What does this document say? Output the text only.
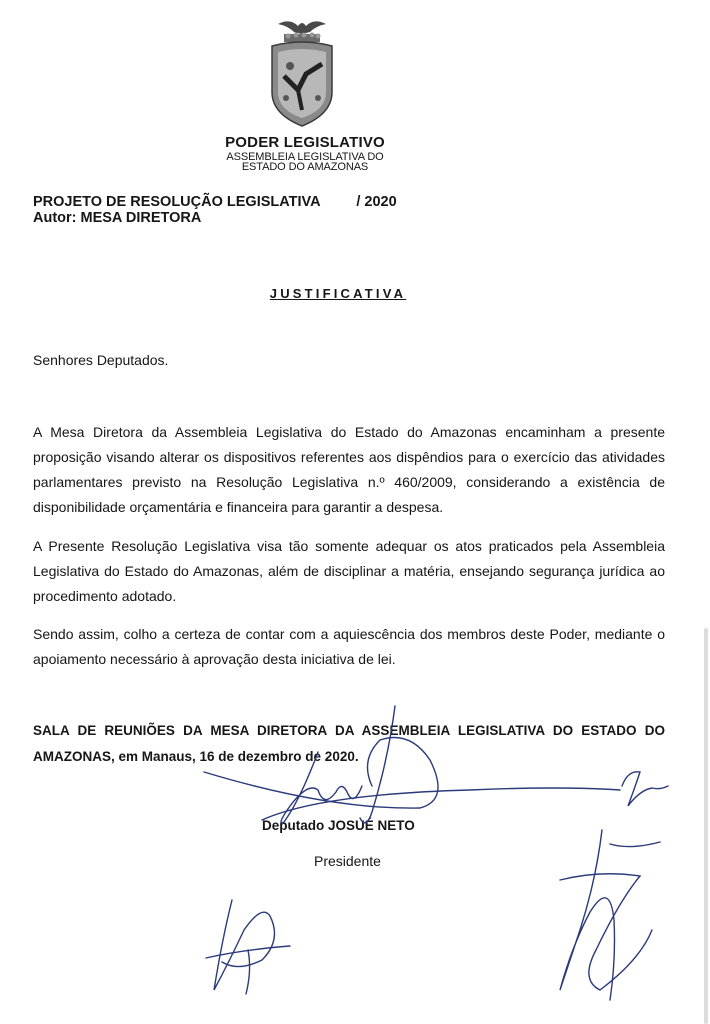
PODER LEGISLATIVO
ASSEMBLEIA LEGISLATIVA DO
ESTADO DO AMAZONAS
PROJETO DE RESOLUÇÃO LEGISLATIVA         / 2020
Autor: MESA DIRETORA
JUSTIFICATIVA
Senhores Deputados.

A Mesa Diretora da Assembleia Legislativa do Estado do Amazonas encaminham a presente proposição visando alterar os dispositivos referentes aos dispêndios para o exercício das atividades parlamentares previsto na Resolução Legislativa n.º 460/2009, considerando a existência de disponibilidade orçamentária e financeira para garantir a despesa.

A Presente Resolução Legislativa visa tão somente adequar os atos praticados pela Assembleia Legislativa do Estado do Amazonas, além de disciplinar a matéria, ensejando segurança jurídica ao procedimento adotado.

Sendo assim, colho a certeza de contar com a aquiescência dos membros deste Poder, mediante o apoiamento necessário à aprovação desta iniciativa de lei.

SALA DE REUNIÕES DA MESA DIRETORA DA ASSEMBLEIA LEGISLATIVA DO ESTADO DO AMAZONAS, em Manaus, 16 de dezembro de 2020.

Deputado JOSUÉ NETO
Presidente
